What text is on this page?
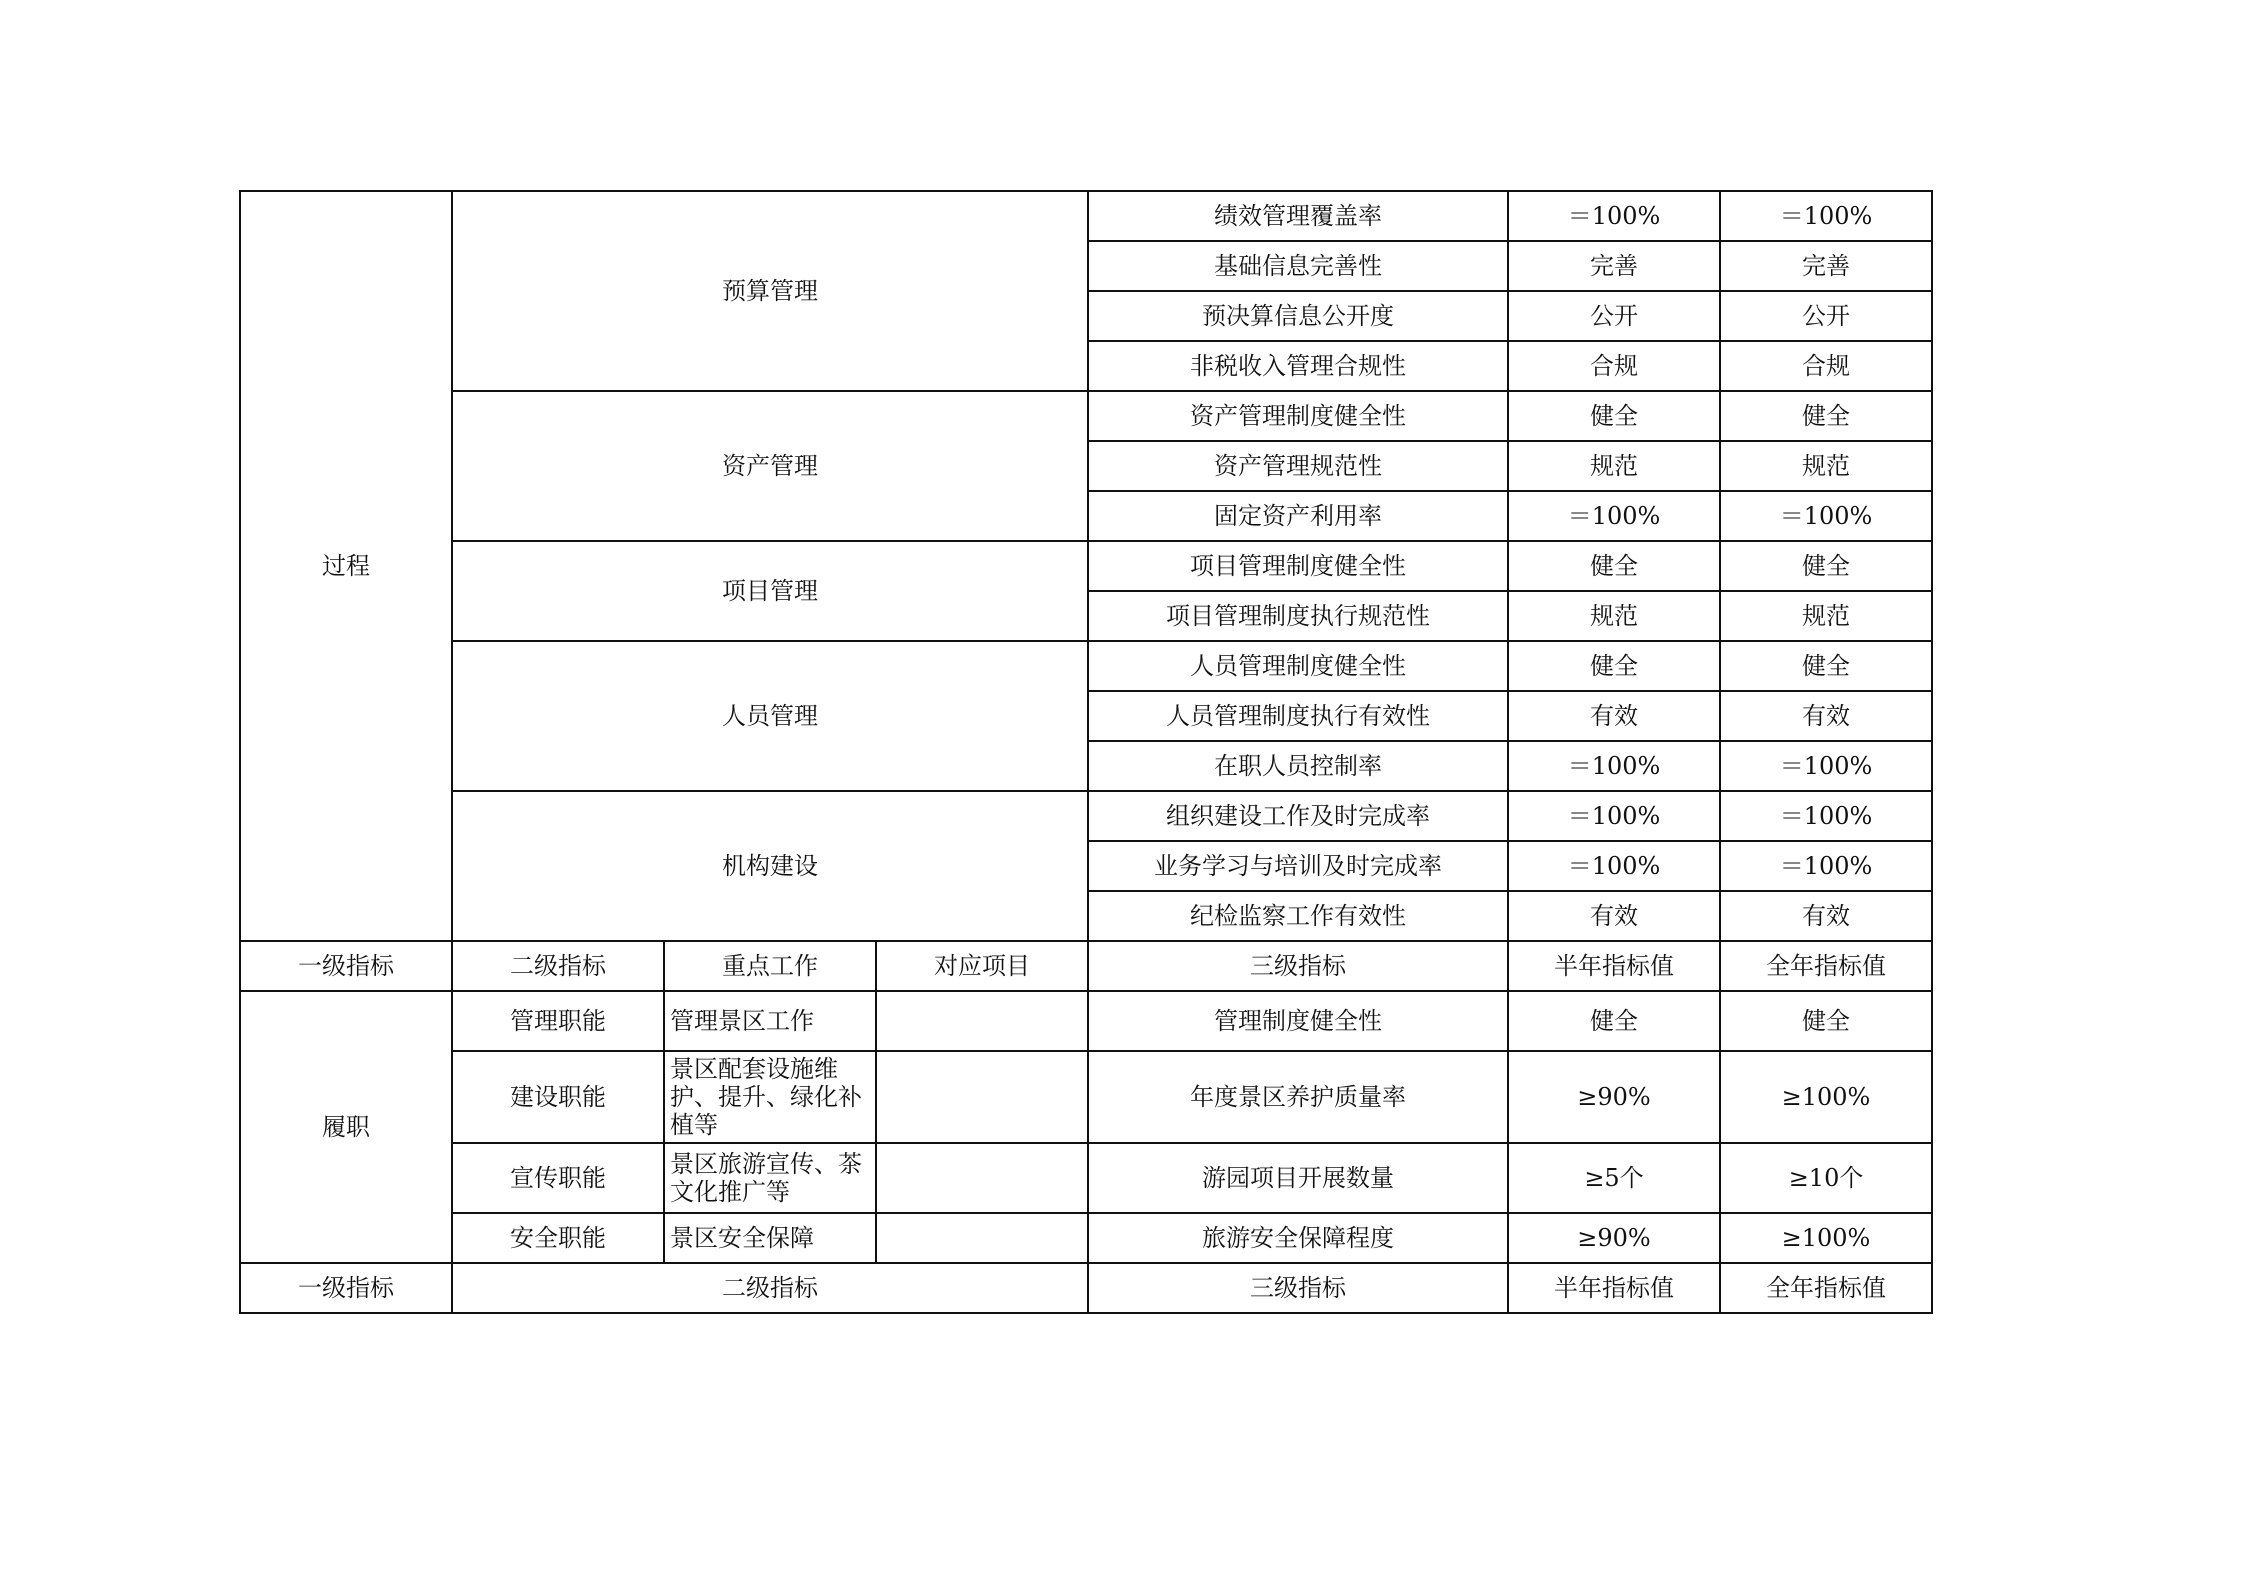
过程	预算管理			绩效管理覆盖率	＝100%	＝100%
				基础信息完善性	完善	完善
				预决算信息公开度	公开	公开
				非税收入管理合规性	合规	合规
	资产管理			资产管理制度健全性	健全	健全
				资产管理规范性	规范	规范
				固定资产利用率	＝100%	＝100%
	项目管理			项目管理制度健全性	健全	健全
				项目管理制度执行规范性	规范	规范
	人员管理			人员管理制度健全性	健全	健全
				人员管理制度执行有效性	有效	有效
				在职人员控制率	＝100%	＝100%
	机构建设			组织建设工作及时完成率	＝100%	＝100%
				业务学习与培训及时完成率	＝100%	＝100%
				纪检监察工作有效性	有效	有效
一级指标	二级指标	重点工作	对应项目	三级指标	半年指标值	全年指标值
履职	管理职能	管理景区工作		管理制度健全性	健全	健全
	建设职能	景区配套设施维护、提升、绿化补植等		年度景区养护质量率	≥90%	≥100%
	宣传职能	景区旅游宣传、茶文化推广等		游园项目开展数量	≥5个	≥10个
	安全职能	景区安全保障		旅游安全保障程度	≥90%	≥100%
一级指标	二级指标			三级指标	半年指标值	全年指标值
